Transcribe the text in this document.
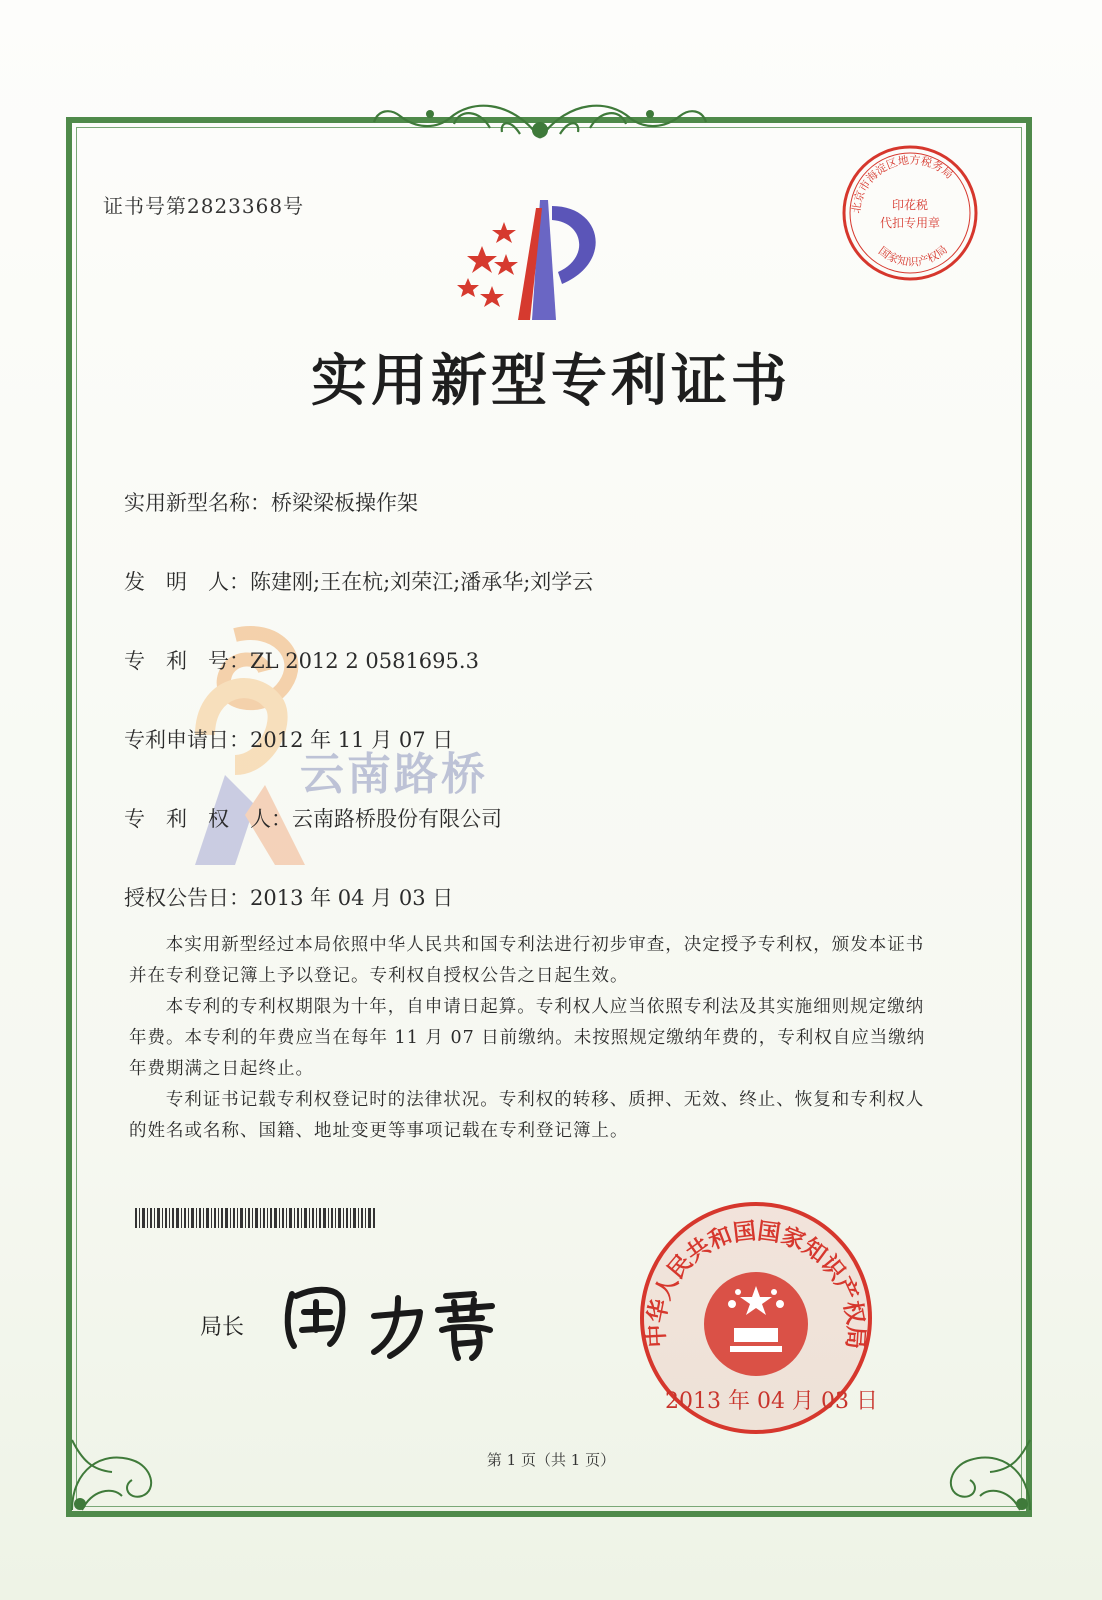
证书号第2823368号	北京市海淀区地方税务局
国家知识产权局
印花税
代扣专用章
实用新型专利证书
云南路桥
实用新型名称：桥梁梁板操作架
发　明　人：陈建刚;王在杭;刘荣江;潘承华;刘学云
专　利　号：ZL 2012 2 0581695.3
专利申请日：2012 年 11 月 07 日
专　利　权　人：云南路桥股份有限公司
授权公告日：2013 年 04 月 03 日

本实用新型经过本局依照中华人民共和国专利法进行初步审查，决定授予专利权，颁发本证书并在专利登记簿上予以登记。专利权自授权公告之日起生效。

本专利的专利权期限为十年，自申请日起算。专利权人应当依照专利法及其实施细则规定缴纳年费。本专利的年费应当在每年 11 月 07 日前缴纳。未按照规定缴纳年费的，专利权自应当缴纳年费期满之日起终止。

专利证书记载专利权登记时的法律状况。专利权的转移、质押、无效、终止、恢复和专利权人的姓名或名称、国籍、地址变更等事项记载在专利登记簿上。

局长	中华人民共和国国家知识产权局
2013 年 04 月 03 日
第 1 页（共 1 页）
